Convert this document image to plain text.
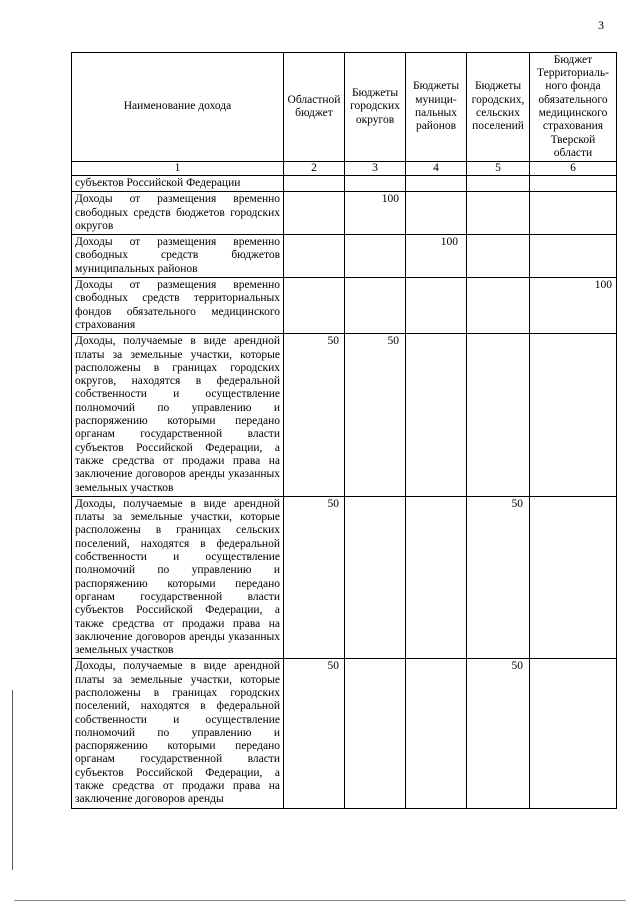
3
Наименование дохода	Областной бюджет	Бюджеты городских округов	Бюджеты муници-пальных районов	Бюджеты городских, сельских поселений	Бюджет Территориаль-ного фонда обязательного медицинского страхования Тверской области
1	2	3	4	5	6
субъектов Российской Федерации					
Доходы от размещения временно свободных средств бюджетов городских округов		100			
Доходы от размещения временно свободных средств бюджетов муниципальных районов			100		
Доходы от размещения временно свободных средств территориальных фондов обязательного медицинского страхования					100
Доходы, получаемые в виде арендной платы за земельные участки, которые расположены в границах городских округов, находятся в федеральной собственности и осуществление полномочий по управлению и распоряжению которыми передано органам государственной власти субъектов Российской Федерации, а также средства от продажи права на заключение договоров аренды указанных земельных участков	50	50			
Доходы, получаемые в виде арендной платы за земельные участки, которые расположены в границах сельских поселений, находятся в федеральной собственности и осуществление полномочий по управлению и распоряжению которыми передано органам государственной власти субъектов Российской Федерации, а также средства от продажи права на заключение договоров аренды указанных земельных участков	50			50	
Доходы, получаемые в виде арендной платы за земельные участки, которые расположены в границах городских поселений, находятся в федеральной собственности и осуществление полномочий по управлению и распоряжению которыми передано органам государственной власти субъектов Российской Федерации, а также средства от продажи права на заключение договоров аренды	50			50	
